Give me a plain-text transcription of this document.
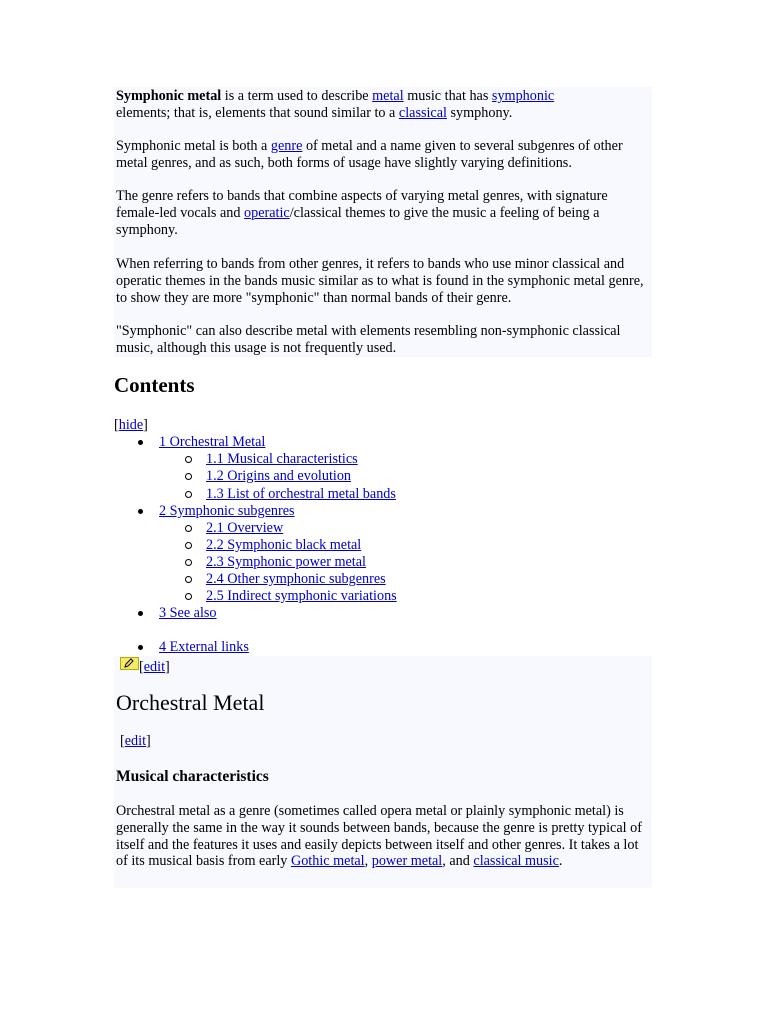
Symphonic metal is a term used to describe metal music that has symphonic
elements; that is, elements that sound similar to a classical symphony.

Symphonic metal is both a genre of metal and a name given to several subgenres of other metal genres, and as such, both forms of usage have slightly varying definitions.

The genre refers to bands that combine aspects of varying metal genres, with signature female-led vocals and operatic/classical themes to give the music a feeling of being a symphony.

When referring to bands from other genres, it refers to bands who use minor classical and operatic themes in the bands music similar as to what is found in the symphonic metal genre, to show they are more "symphonic" than normal bands of their genre.

"Symphonic" can also describe metal with elements resembling non-symphonic classical music, although this usage is not frequently used.

Contents
[hide]
1 Orchestral Metal
1.1 Musical characteristics
1.2 Origins and evolution
1.3 List of orchestral metal bands
2 Symphonic subgenres
2.1 Overview
2.2 Symphonic black metal
2.3 Symphonic power metal
2.4 Other symphonic subgenres
2.5 Indirect symphonic variations
3 See also
4 External links
[edit]
Orchestral Metal
[edit]
Musical characteristics

Orchestral metal as a genre (sometimes called opera metal or plainly symphonic metal) is generally the same in the way it sounds between bands, because the genre is pretty typical of itself and the features it uses and easily depicts between itself and other genres. It takes a lot of its musical basis from early Gothic metal, power metal, and classical music.
